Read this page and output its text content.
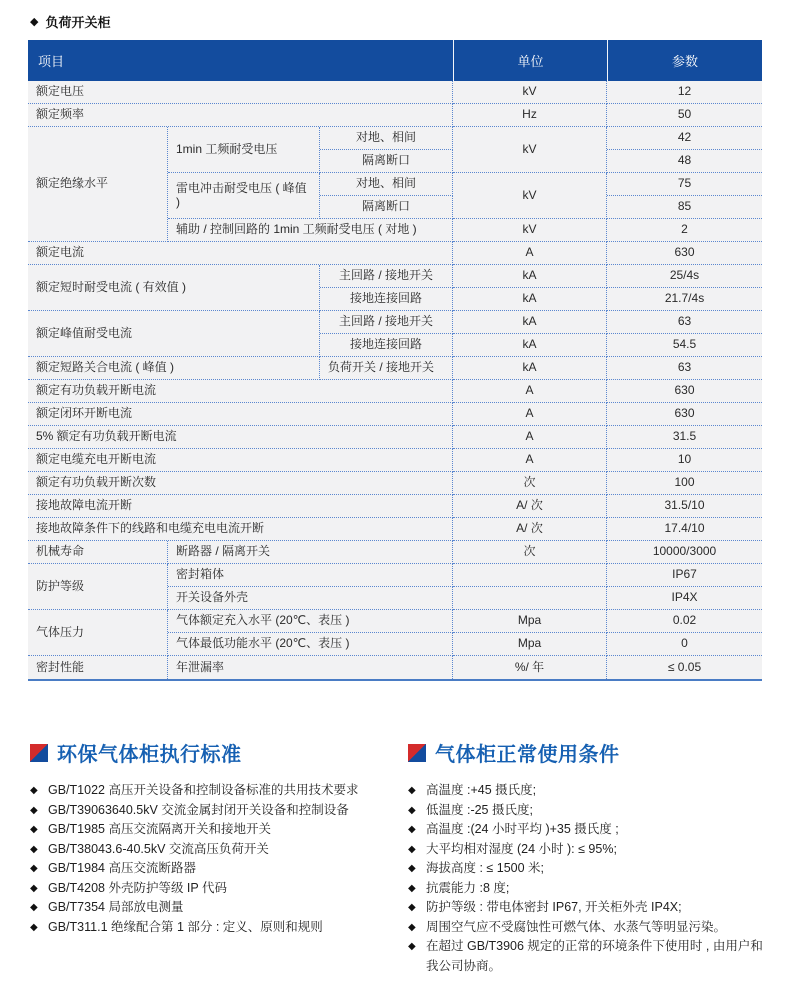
◆ 负荷开关柜
项目			单位	参数
额定电压			kV	12
额定频率			Hz	50
额定绝缘水平	1min 工频耐受电压	对地、相间	kV	42
		隔离断口		48
	雷电冲击耐受电压 ( 峰值 )	对地、相间	kV	75
		隔离断口		85
	辅助 / 控制回路的 1min 工频耐受电压 ( 对地 )		kV	2
额定电流			A	630
额定短时耐受电流 ( 有效值 )		主回路 / 接地开关	kA	25/4s
		接地连接回路	kA	21.7/4s
额定峰值耐受电流		主回路 / 接地开关	kA	63
		接地连接回路	kA	54.5
额定短路关合电流 ( 峰值 )		负荷开关 / 接地开关	kA	63
额定有功负载开断电流			A	630
额定闭环开断电流			A	630
5% 额定有功负载开断电流			A	31.5
额定电缆充电开断电流			A	10
额定有功负载开断次数			次	100
接地故障电流开断			A/ 次	31.5/10
接地故障条件下的线路和电缆充电电流开断			A/ 次	17.4/10
机械寿命	断路器 / 隔离开关		次	10000/3000
防护等级	密封箱体			IP67
	开关设备外壳			IP4X
气体压力	气体额定充入水平 (20℃、表压 )		Mpa	0.02
	气体最低功能水平 (20℃、表压 )		Mpa	0
密封性能	年泄漏率		%/ 年	≤ 0.05
环保气体柜执行标准
◆ GB/T1022 高压开关设备和控制设备标准的共用技术要求
◆ GB/T39063640.5kV 交流金属封闭开关设备和控制设备
◆ GB/T1985 高压交流隔离开关和接地开关
◆ GB/T38043.6-40.5kV 交流高压负荷开关
◆ GB/T1984 高压交流断路器
◆ GB/T4208 外壳防护等级 IP 代码
◆ GB/T7354 局部放电测量
◆ GB/T311.1 绝缘配合第 1 部分 : 定义、原则和规则
气体柜正常使用条件
◆ 高温度 :+45 摄氏度;
◆ 低温度 :-25 摄氏度;
◆ 高温度 :(24 小时平均 )+35 摄氏度 ;
◆ 大平均相对湿度 (24 小时 ): ≤ 95%;
◆ 海拔高度 : ≤ 1500 米;
◆ 抗震能力 :8 度;
◆ 防护等级 : 带电体密封 IP67, 开关柜外壳 IP4X;
◆ 周围空气应不受腐蚀性可燃气体、水蒸气等明显污染。
◆ 在超过 GB/T3906 规定的正常的环境条件下使用时 , 由用户和我公司协商。
